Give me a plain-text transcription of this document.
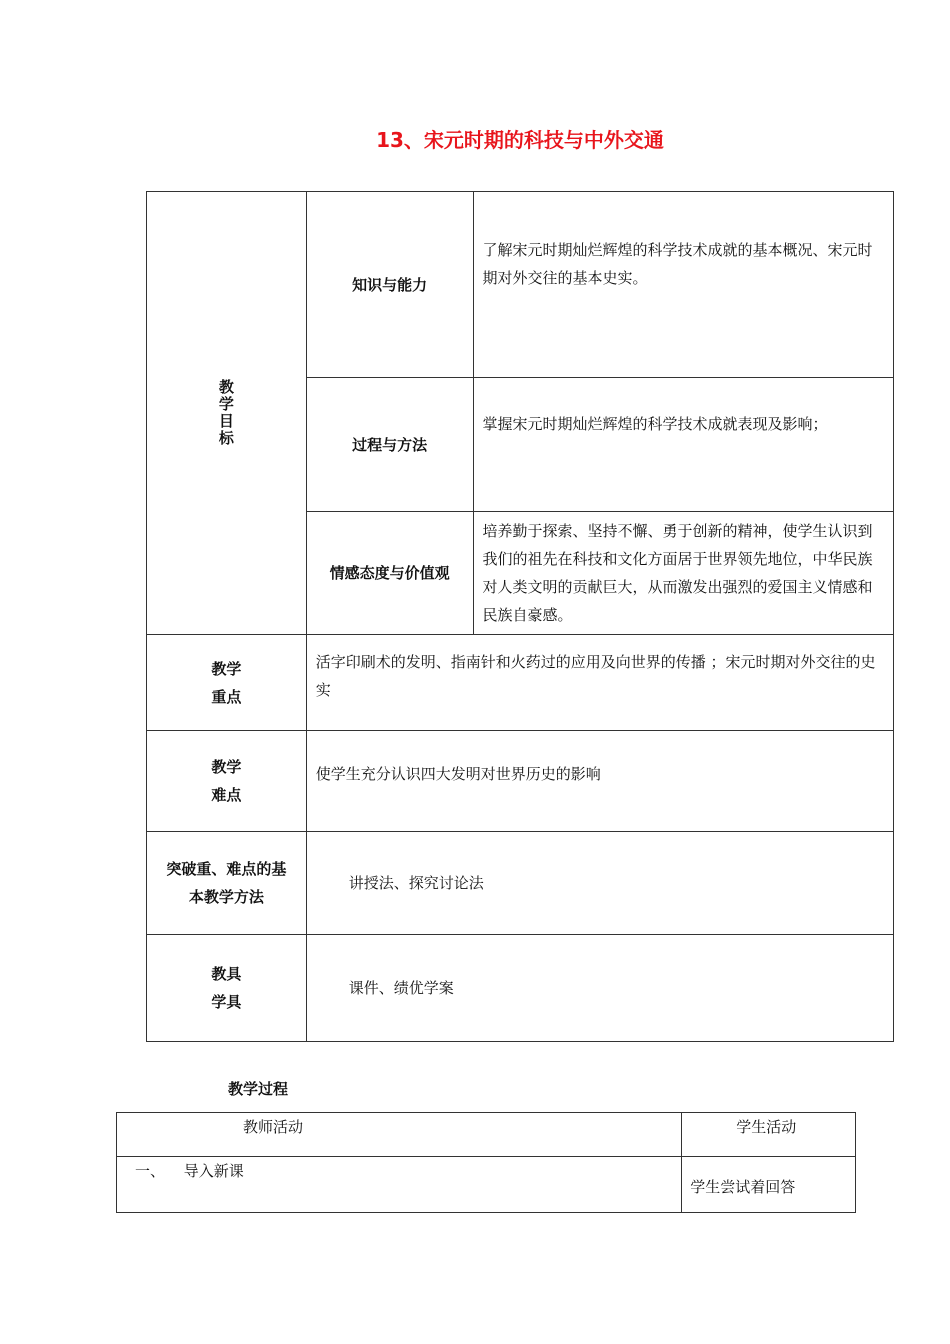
13、宋元时期的科技与中外交通
教
学
目
标	知识与能力	了解宋元时期灿烂辉煌的科学技术成就的基本概况、宋元时期对外交往的基本史实。
	过程与方法	掌握宋元时期灿烂辉煌的科学技术成就表现及影响；
	情感态度与价值观	培养勤于探索、坚持不懈、勇于创新的精神，使学生认识到我们的祖先在科技和文化方面居于世界领先地位，中华民族对人类文明的贡献巨大，从而激发出强烈的爱国主义情感和民族自豪感。

教学
重点	活字印刷术的发明、指南针和火药过的应用及向世界的传播 ；宋元时期对外交往的史实	

教学
难点	使学生充分认识四大发明对世界历史的影响	

突破重、难点的基
本教学方法	讲授法、探究讨论法	

教具
学具	课件、绩优学案	
教学过程
教师活动	学生活动
一、 导入新课	学生尝试着回答
